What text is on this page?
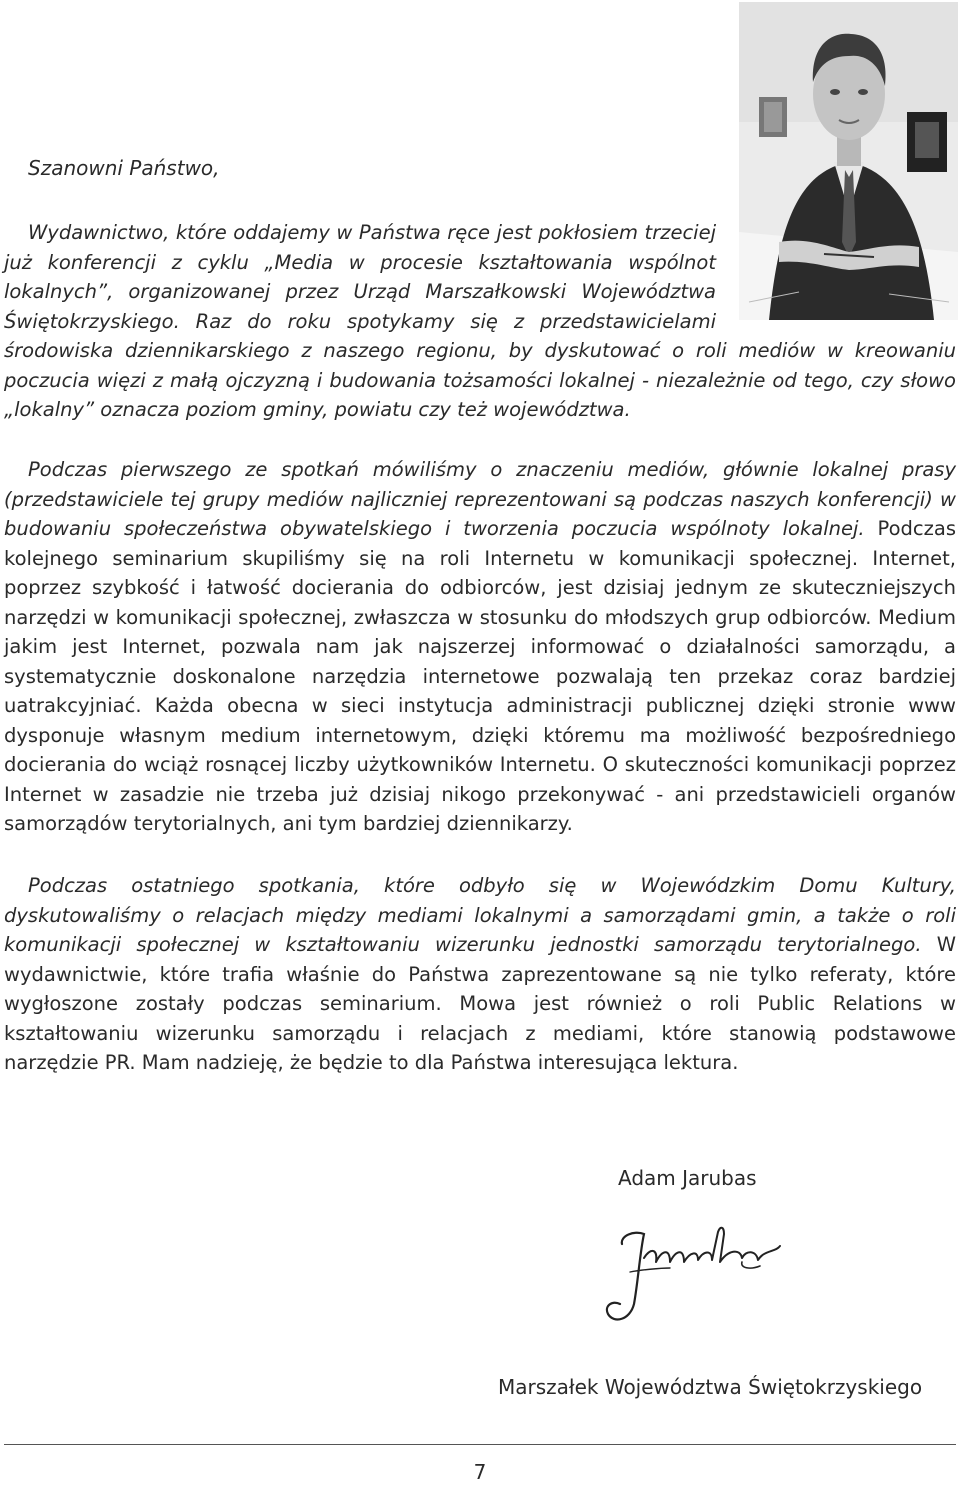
Szanowni Państwo,

Wydawnictwo, które oddajemy w Państwa ręce jest pokłosiem trzeciej już konferencji z cyklu „Media w procesie kształtowania wspólnot lokalnych”, organizowanej przez Urząd Marszałkowski Województwa Świętokrzyskiego. Raz do roku spotykamy się z przedstawicielami środowiska dziennikarskiego z naszego regionu, by dyskutować o roli mediów w kreowaniu poczucia więzi z małą ojczyzną i budowania tożsamości lokalnej - niezależnie od tego, czy słowo „lokalny” oznacza poziom gminy, powiatu czy też województwa.

Podczas pierwszego ze spotkań mówiliśmy o znaczeniu mediów, głównie lokalnej prasy (przedstawiciele tej grupy mediów najliczniej reprezentowani są podczas naszych konferencji) w budowaniu społeczeństwa obywatelskiego i tworzenia poczucia wspólnoty lokalnej. Podczas kolejnego seminarium skupiliśmy się na roli Internetu w komunikacji społecznej. Internet, poprzez szybkość i łatwość docierania do odbiorców, jest dzisiaj jednym ze skuteczniejszych narzędzi w komunikacji społecznej, zwłaszcza w stosunku do młodszych grup odbiorców. Medium jakim jest Internet, pozwala nam jak najszerzej informować o działalności samorządu, a systematycznie doskonalone narzędzia internetowe pozwalają ten przekaz coraz bardziej uatrakcyjniać. Każda obecna w sieci instytucja administracji publicznej dzięki stronie www dysponuje własnym medium internetowym, dzięki któremu ma możliwość bezpośredniego docierania do wciąż rosnącej liczby użytkowników Internetu. O skuteczności komunikacji poprzez Internet w zasadzie nie trzeba już dzisiaj nikogo przekonywać - ani przedstawicieli organów samorządów terytorialnych, ani tym bardziej dziennikarzy.

Podczas ostatniego spotkania, które odbyło się w Wojewódzkim Domu Kultury, dyskutowaliśmy o relacjach między mediami lokalnymi a samorządami gmin, a także o roli komunikacji społecznej w kształtowaniu wizerunku jednostki samorządu terytorialnego. W wydawnictwie, które trafia właśnie do Państwa zaprezentowane są nie tylko referaty, które wygłoszone zostały podczas seminarium. Mowa jest również o roli Public Relations w kształtowaniu wizerunku samorządu i relacjach z mediami, które stanowią podstawowe narzędzie PR. Mam nadzieję, że będzie to dla Państwa interesująca lektura.

Adam Jarubas

Marszałek Województwa Świętokrzyskiego

7
